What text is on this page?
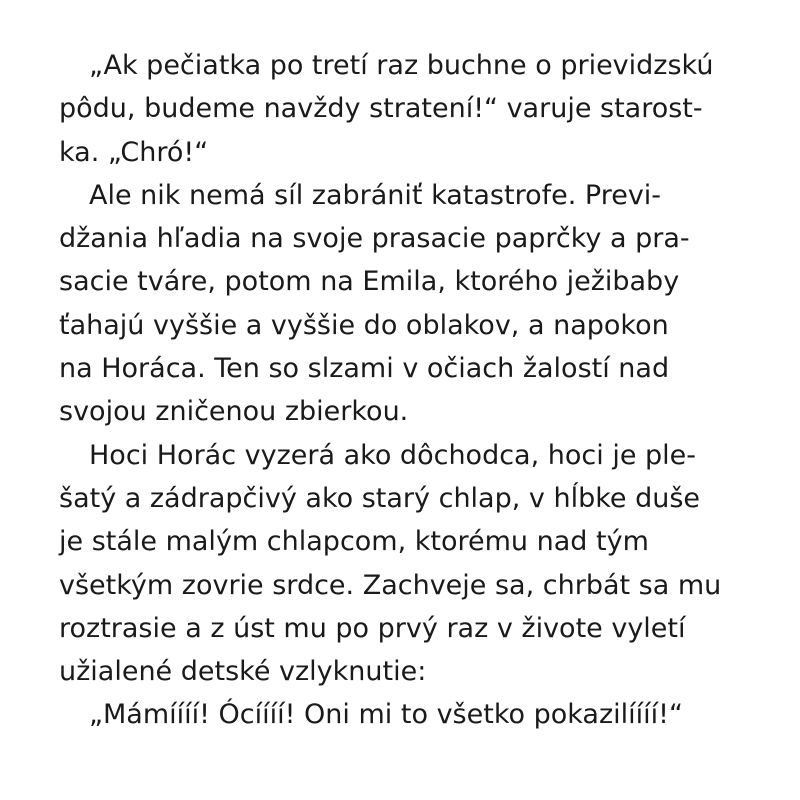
„Ak pečiatka po tretí raz buchne o prievidzskú
pôdu, budeme navždy stratení!“ varuje starost-
ka. „Chró!“
Ale nik nemá síl zabrániť katastrofe. Previ-
džania hľadia na svoje prasacie paprčky a pra-
sacie tváre, potom na Emila, ktorého ježibaby
ťahajú vyššie a vyššie do oblakov, a napokon
na Horáca. Ten so slzami v očiach žalostí nad
svojou zničenou zbierkou.
Hoci Horác vyzerá ako dôchodca, hoci je ple-
šatý a zádrapčivý ako starý chlap, v hĺbke duše
je stále malým chlapcom, ktorému nad tým
všetkým zovrie srdce. Zachveje sa, chrbát sa mu
roztrasie a z úst mu po prvý raz v živote vyletí
užialené detské vzlyknutie:
„Mámíííí! Ócíííí! Oni mi to všetko pokazilíííí!“
